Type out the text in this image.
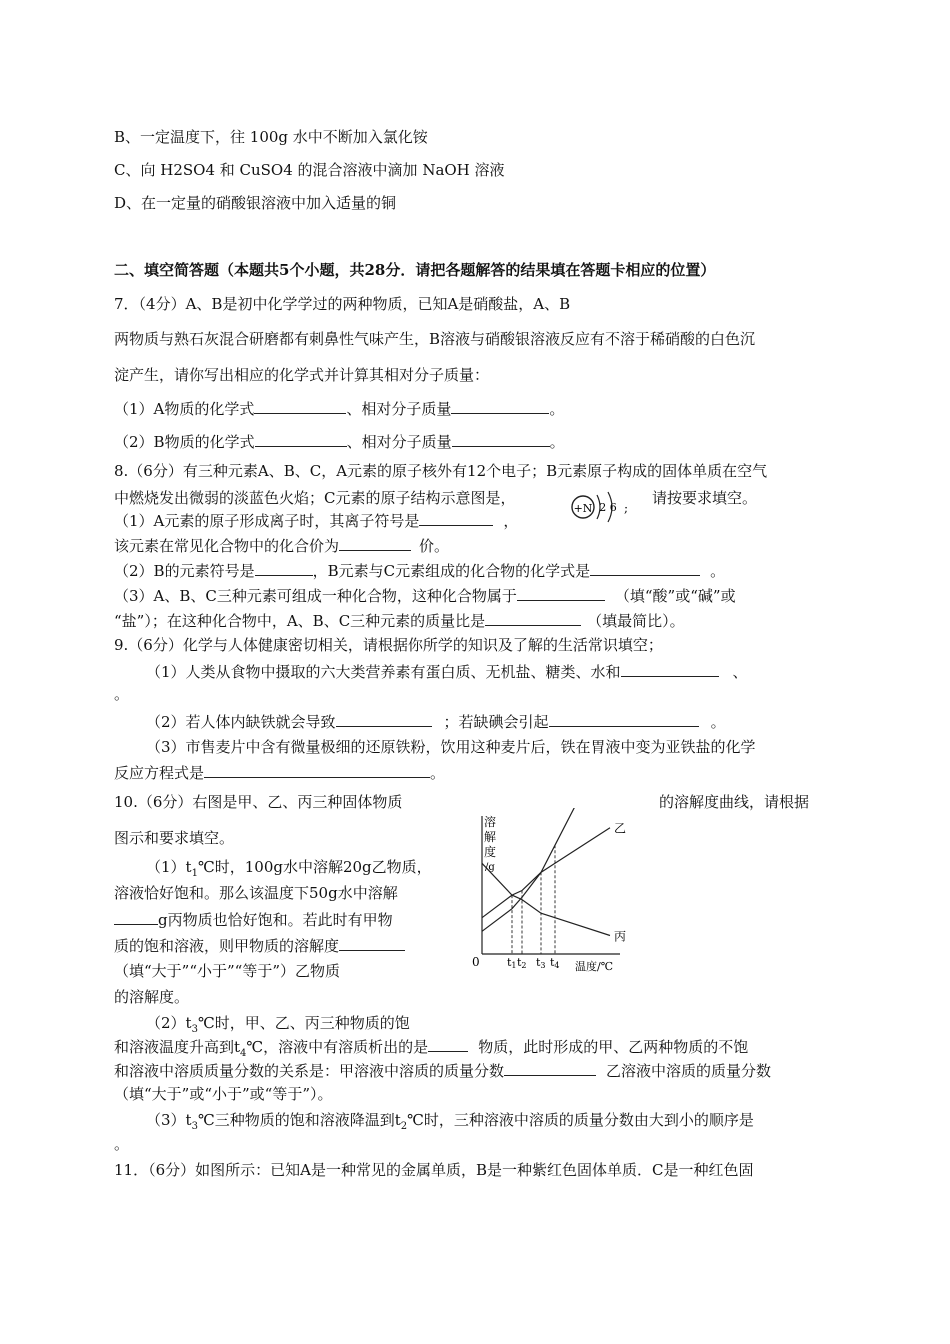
B、一定温度下，往 100g 水中不断加入氯化铵
C、向 H2SO4 和 CuSO4 的混合溶液中滴加 NaOH 溶液
D、在一定量的硝酸银溶液中加入适量的铜
二、填空简答题（本题共5个小题，共28分．请把各题解答的结果填在答题卡相应的位置）
7．（4分）A、B是初中化学学过的两种物质，已知A是硝酸盐，A、B
两物质与熟石灰混合研磨都有刺鼻性气味产生，B溶液与硝酸银溶液反应有不溶于稀硝酸的白色沉
淀产生，请你写出相应的化学式并计算其相对分子质量：
（1）A物质的化学式	、相对分子质量	。
（2）B物质的化学式	、相对分子质量	。
8.（6分）有三种元素A、B、C，A元素的原子核外有12个电子；B元素原子构成的固体单质在空气
中燃烧发出微弱的淡蓝色火焰；C元素的原子结构示意图是，	请按要求填空。
+N 2 6 ;
（1）A元素的原子形成离子时，其离子符号是	，
该元素在常见化合物中的化合价为	价。
（2）B的元素符号是	，B元素与C元素组成的化合物的化学式是	。
（3）A、B、C三种元素可组成一种化合物，这种化合物属于	（填“酸”或“碱”或
“盐”）；在这种化合物中，A、B、C三种元素的质量比是	（填最简比）。
9.（6分）化学与人体健康密切相关，请根据你所学的知识及了解的生活常识填空；
（1）人类从食物中摄取的六大类营养素有蛋白质、无机盐、糖类、水和	、
。
（2）若人体内缺铁就会导致	；若缺碘会引起	。
（3）市售麦片中含有微量极细的还原铁粉，饮用这种麦片后，铁在胃液中变为亚铁盐的化学
反应方程式是	。
10.（6分）右图是甲、乙、丙三种固体物质	的溶解度曲线，请根据
图示和要求填空。
$(1)t_1℃$时，100g水中溶解20g乙物质，
溶液恰好饱和。那么该温度下50g水中溶解
g丙物质也恰好饱和。若此时有甲物
质的饱和溶液，则甲物质的溶解度
（填“大于”“小于”“等于”）乙物质
的溶解度。
$(2)t_3℃$时，甲、乙、丙三种物质的饱
和溶液温度升高到$t_4℃$，溶液中有溶质析出的是	物质，此时形成的甲、乙两种物质的不饱
和溶液中溶质质量分数的关系是：甲溶液中溶质的质量分数	乙溶液中溶质的质量分数
（填“大于”或“小于”或“等于”）。
$(3)t_3℃$三种物质的饱和溶液降温到$t_2℃$时，三种溶液中溶质的质量分数由大到小的顺序是
。
溶
解
度
/g
0	温度/℃
t1 t2 t3 t4
乙
丙
11．（6分）如图所示：已知A是一种常见的金属单质，B是一种紫红色固体单质．C是一种红色固
